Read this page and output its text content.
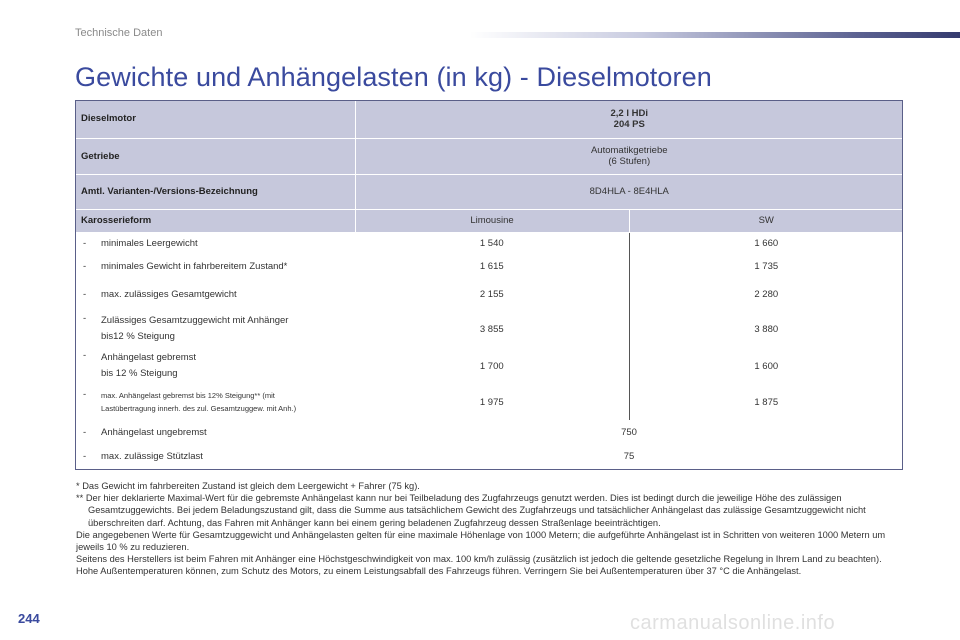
Technische Daten
Gewichte und Anhängelasten (in kg) - Dieselmotoren
Dieselmotor	2,2 l HDi
204 PS	

Getriebe	Automatikgetriebe
(6 Stufen)	

Amtl. Varianten-/Versions-Bezeichnung	8D4HLA - 8E4HLA	
Karosserieform	Limousine	SW
- minimales Leergewicht	1 540	1 660
- minimales Gewicht in fahrbereitem Zustand*	1 615	1 735
- max. zulässiges Gesamtgewicht	2 155	2 280
- Zulässiges Gesamtzuggewicht mit Anhänger
bis12 % Steigung	3 855	3 880
- Anhängelast gebremst
bis 12 % Steigung	1 700	1 600
- max. Anhängelast gebremst bis 12% Steigung** (mit
Lastübertragung innerh. des zul. Gesamtzuggew. mit Anh.)	1 975	1 875
- Anhängelast ungebremst	750	
- max. zulässige Stützlast	75	

* Das Gewicht im fahrbereiten Zustand ist gleich dem Leergewicht + Fahrer (75 kg).

** Der hier deklarierte Maximal-Wert für die gebremste Anhängelast kann nur bei Teilbeladung des Zugfahrzeugs genutzt werden. Dies ist bedingt durch die jeweilige Höhe des zulässigen Gesamtzuggewichts. Bei jedem Beladungszustand gilt, dass die Summe aus tatsächlichem Gewicht des Zugfahrzeugs und tatsächlicher Anhängelast das zulässige Gesamtzuggewicht nicht überschreiten darf. Achtung, das Fahren mit Anhänger kann bei einem gering beladenen Zugfahrzeug dessen Straßenlage beeinträchtigen.

Die angegebenen Werte für Gesamtzuggewicht und Anhängelasten gelten für eine maximale Höhenlage von 1000 Metern; die aufgeführte Anhängelast ist in Schritten von weiteren 1000 Metern um jeweils 10 % zu reduzieren.

Seitens des Herstellers ist beim Fahren mit Anhänger eine Höchstgeschwindigkeit von max. 100 km/h zulässig (zusätzlich ist jedoch die geltende gesetzliche Regelung in Ihrem Land zu beachten).

Hohe Außentemperaturen können, zum Schutz des Motors, zu einem Leistungsabfall des Fahrzeugs führen. Verringern Sie bei Außentemperaturen über 37 °C die Anhängelast.

244	carmanualsonline.info
